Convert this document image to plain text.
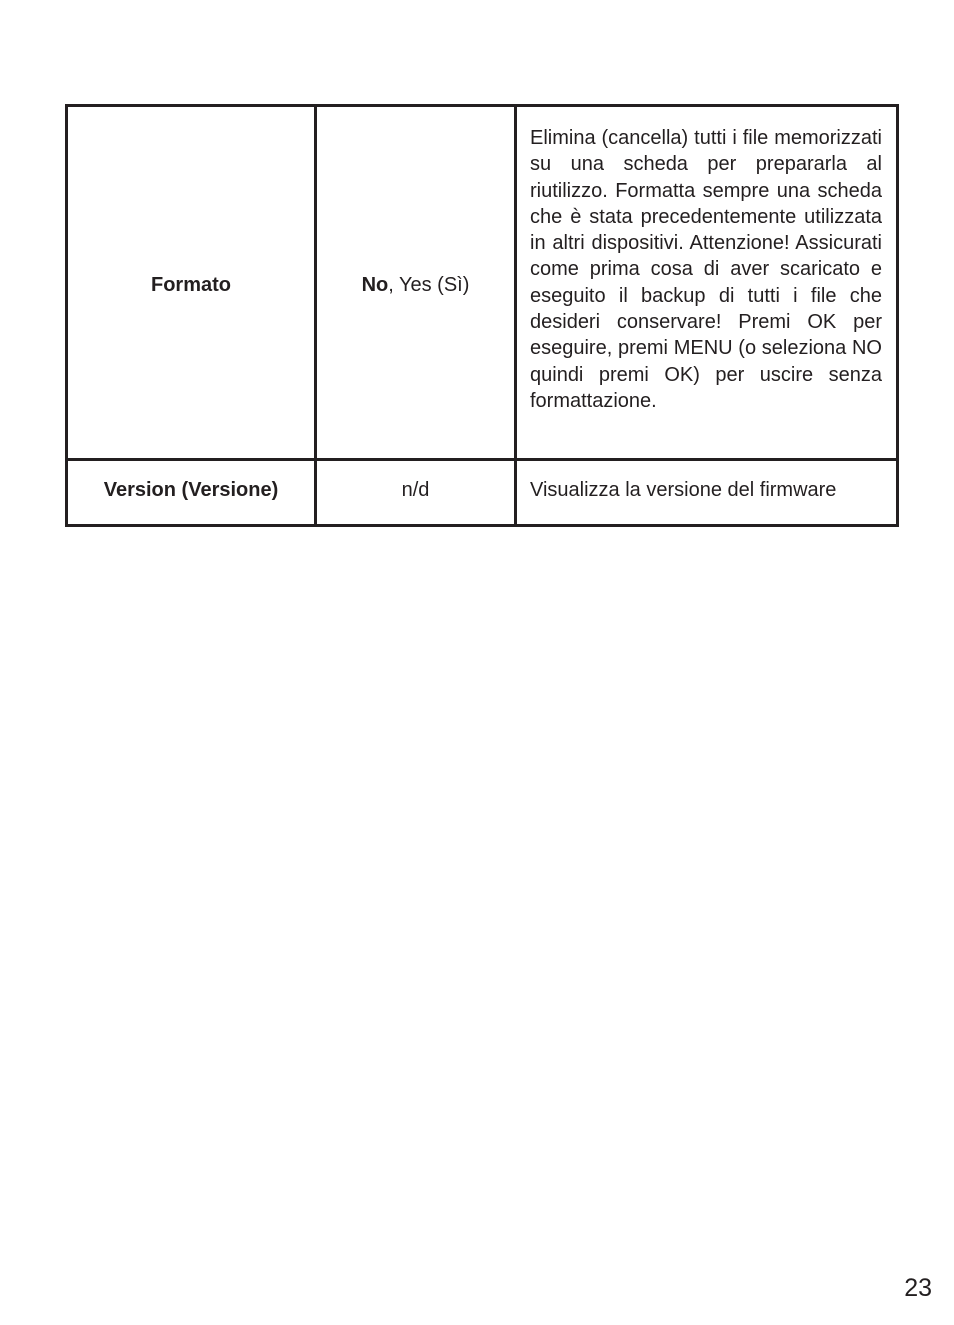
Formato	No, Yes (Sì)	Elimina (cancella) tutti i file memorizzati su una scheda per prepararla al riutilizzo. Formatta sempre una scheda che è stata precedentemente utilizzata in altri dispositivi. Attenzione! Assicurati come prima cosa di aver scaricato e eseguito il backup di tutti i file che desideri conservare! Premi OK per eseguire, premi MENU (o seleziona NO quindi premi OK) per uscire senza formattazione.
Version (Versione)	n/d	Visualizza la versione del firmware
23
